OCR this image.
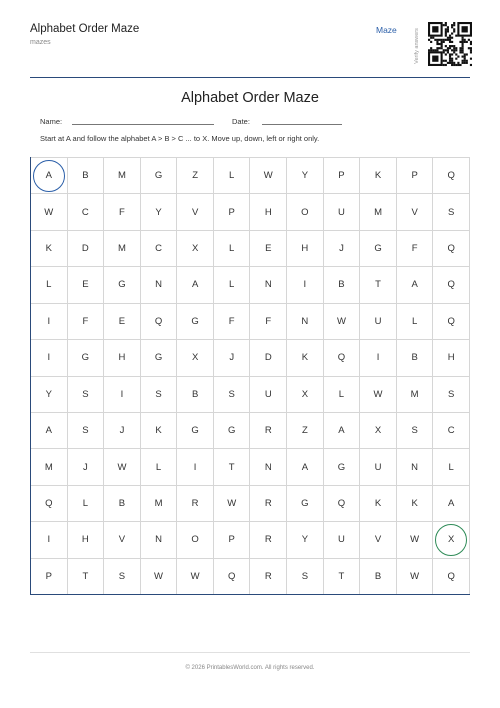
Alphabet Order Maze
mazes
Maze	Verify answers
Alphabet Order Maze
Name:	Date:
Start at A and follow the alphabet A > B > C ... to X. Move up, down, left or right only.
A	B	M	G	Z	L	W	Y	P	K	P	Q
W	C	F	Y	V	P	H	O	U	M	V	S
K	D	M	C	X	L	E	H	J	G	F	Q
L	E	G	N	A	L	N	I	B	T	A	Q
I	F	E	Q	G	F	F	N	W	U	L	Q
I	G	H	G	X	J	D	K	Q	I	B	H
Y	S	I	S	B	S	U	X	L	W	M	S
A	S	J	K	G	G	R	Z	A	X	S	C
M	J	W	L	I	T	N	A	G	U	N	L
Q	L	B	M	R	W	R	G	Q	K	K	A
I	H	V	N	O	P	R	Y	U	V	W	X
P	T	S	W	W	Q	R	S	T	B	W	Q
© 2026 PrintablesWorld.com. All rights reserved.
